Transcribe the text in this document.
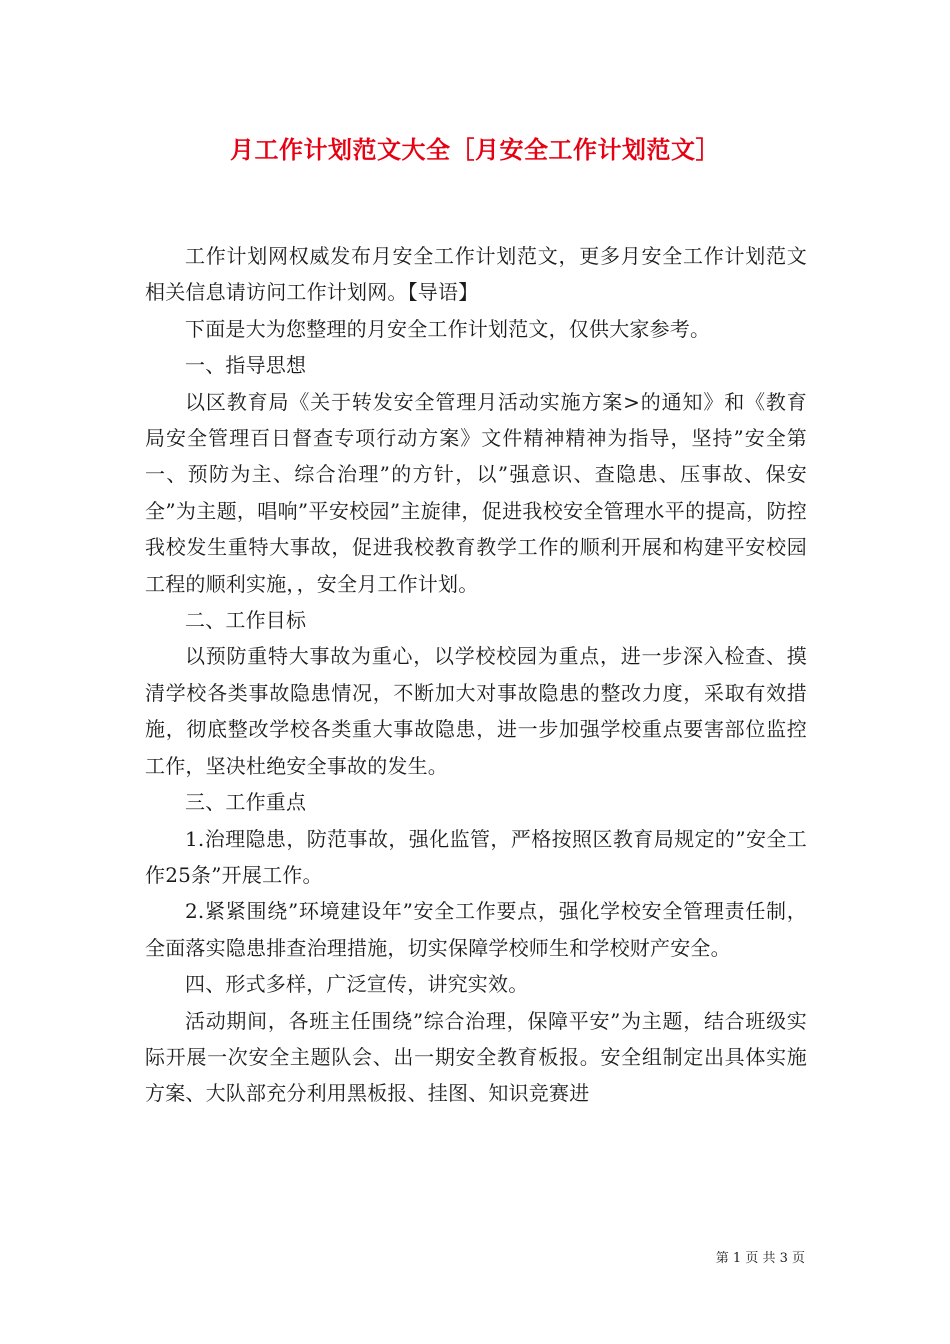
月工作计划范文大全［月安全工作计划范文］

工作计划网权威发布月安全工作计划范文，更多月安全工作计划范文相关信息请访问工作计划网。【导语】

下面是大为您整理的月安全工作计划范文，仅供大家参考。

一、指导思想

以区教育局《关于转发安全管理月活动实施方案>的通知》和《教育局安全管理百日督查专项行动方案》文件精神精神为指导，坚持”安全第一、预防为主、综合治理”的方针，以”强意识、查隐患、压事故、保安全”为主题，唱响”平安校园”主旋律，促进我校安全管理水平的提高，防控我校发生重特大事故，促进我校教育教学工作的顺利开展和构建平安校园工程的顺利实施，，安全月工作计划。

二、工作目标

以预防重特大事故为重心，以学校校园为重点，进一步深入检查、摸清学校各类事故隐患情况，不断加大对事故隐患的整改力度，采取有效措施，彻底整改学校各类重大事故隐患，进一步加强学校重点要害部位监控工作，坚决杜绝安全事故的发生。

三、工作重点

1.治理隐患，防范事故，强化监管，严格按照区教育局规定的”安全工作25条”开展工作。

2.紧紧围绕”环境建设年”安全工作要点，强化学校安全管理责任制，全面落实隐患排查治理措施，切实保障学校师生和学校财产安全。

四、形式多样，广泛宣传，讲究实效。

活动期间，各班主任围绕”综合治理，保障平安”为主题，结合班级实际开展一次安全主题队会、出一期安全教育板报。安全组制定出具体实施方案、大队部充分利用黑板报、挂图、知识竞赛进

第 1 页 共 3 页
